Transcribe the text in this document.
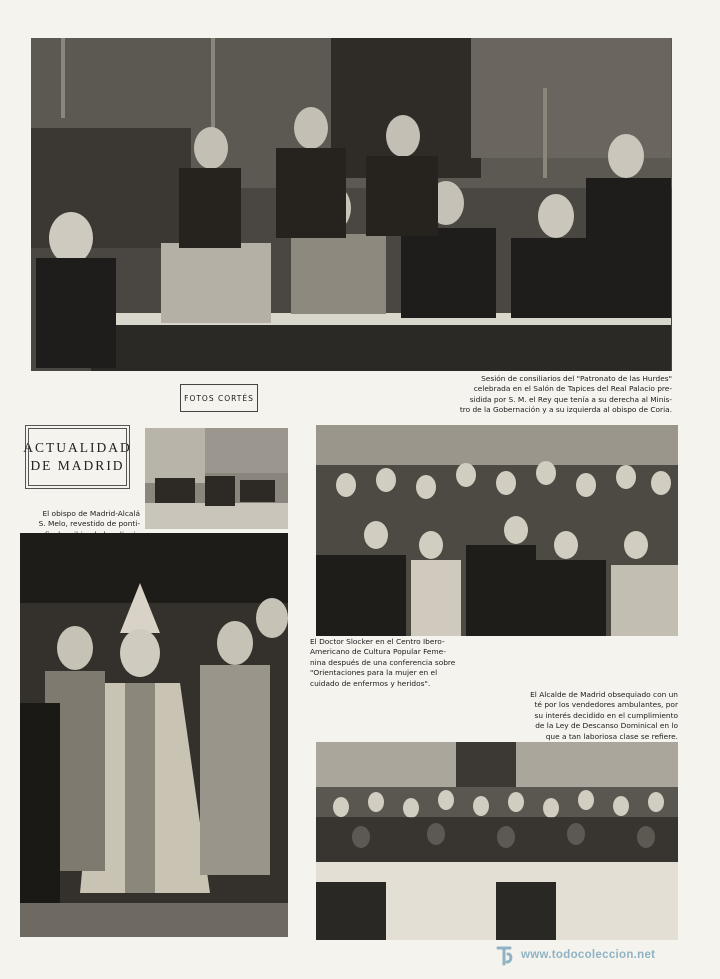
Sesión de consiliarios del "Patronato de las Hurdes"
celebrada en el Salón de Tapices del Real Palacio pre-
sidida por S. M. el Rey que tenía a su derecha al Minis-
tro de la Gobernación y a su izquierda al obispo de Coria.
FOTOS CORTÉS
ACTUALIDAD
DE MADRID
El obispo de Madrid-Alcalá
S. Melo, revestido de ponti-
El Doctor Slocker en el Centro Ibero-
Americano de Cultura Popular Feme-
nina después de una conferencia sobre
"Orientaciones para la mujer en el
cuidado de enfermos y heridos".
El Alcalde de Madrid obsequiado con un
té por los vendedores ambulantes, por
su interés decidido en el cumplimiento
de la Ley de Descanso Dominical en lo
que a tan laboriosa clase se refiere.
www.todocoleccion.net
